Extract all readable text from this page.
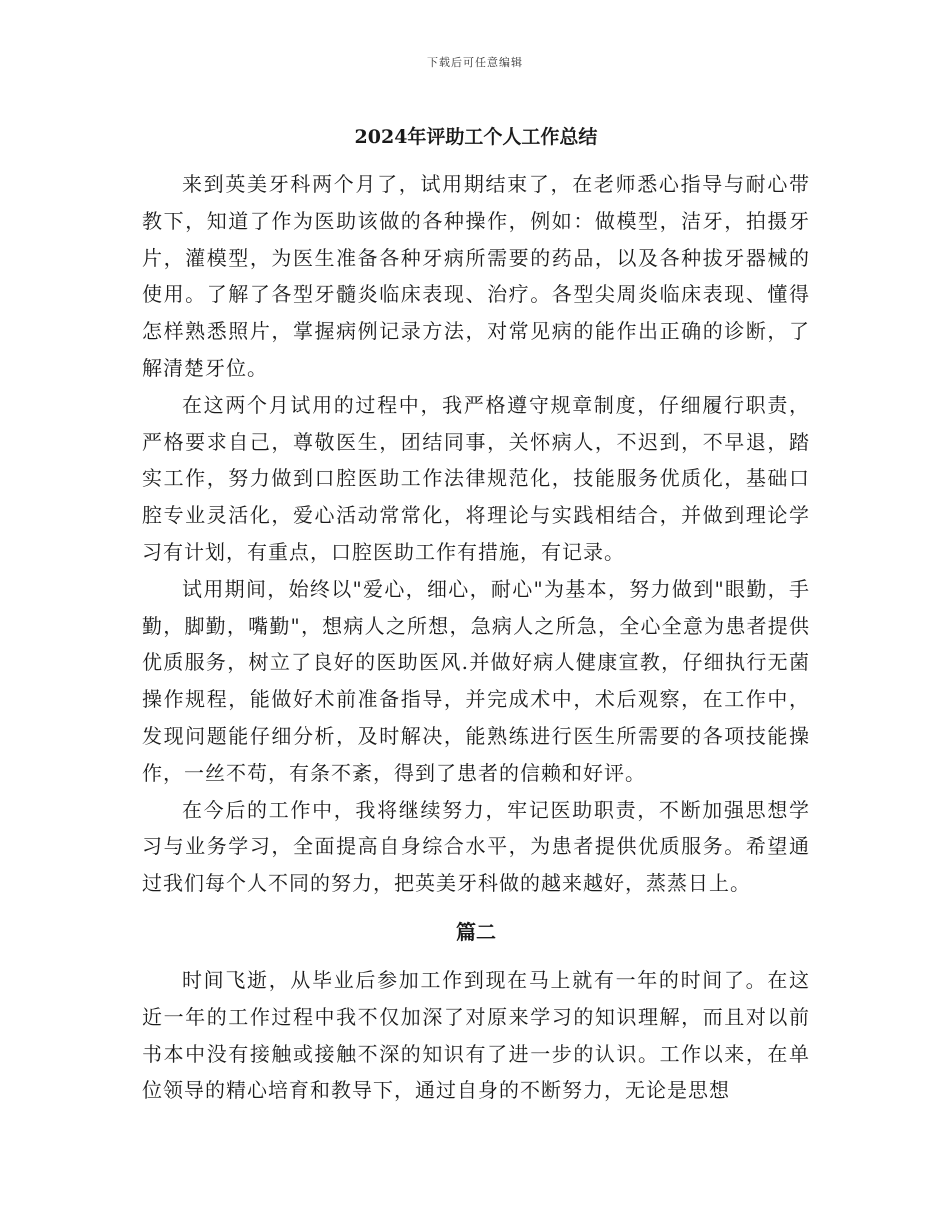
下载后可任意编辑
2024年评助工个人工作总结

来到英美牙科两个月了，试用期结束了，在老师悉心指导与耐心带教下，知道了作为医助该做的各种操作，例如：做模型，洁牙，拍摄牙片，灌模型，为医生准备各种牙病所需要的药品，以及各种拔牙器械的使用。了解了各型牙髓炎临床表现、治疗。各型尖周炎临床表现、懂得怎样熟悉照片，掌握病例记录方法，对常见病的能作出正确的诊断，了解清楚牙位。

在这两个月试用的过程中，我严格遵守规章制度，仔细履行职责，严格要求自己，尊敬医生，团结同事，关怀病人，不迟到，不早退，踏实工作，努力做到口腔医助工作法律规范化，技能服务优质化，基础口腔专业灵活化，爱心活动常常化，将理论与实践相结合，并做到理论学习有计划，有重点，口腔医助工作有措施，有记录。

试用期间，始终以"爱心，细心，耐心"为基本，努力做到"眼勤，手勤，脚勤，嘴勤"，想病人之所想，急病人之所急，全心全意为患者提供优质服务，树立了良好的医助医风.并做好病人健康宣教，仔细执行无菌操作规程，能做好术前准备指导，并完成术中，术后观察，在工作中，发现问题能仔细分析，及时解决，能熟练进行医生所需要的各项技能操作，一丝不苟，有条不紊，得到了患者的信赖和好评。

在今后的工作中，我将继续努力，牢记医助职责，不断加强思想学习与业务学习，全面提高自身综合水平，为患者提供优质服务。希望通过我们每个人不同的努力，把英美牙科做的越来越好，蒸蒸日上。

篇二

时间飞逝，从毕业后参加工作到现在马上就有一年的时间了。在这近一年的工作过程中我不仅加深了对原来学习的知识理解，而且对以前书本中没有接触或接触不深的知识有了进一步的认识。工作以来，在单位领导的精心培育和教导下，通过自身的不断努力，无论是思想
